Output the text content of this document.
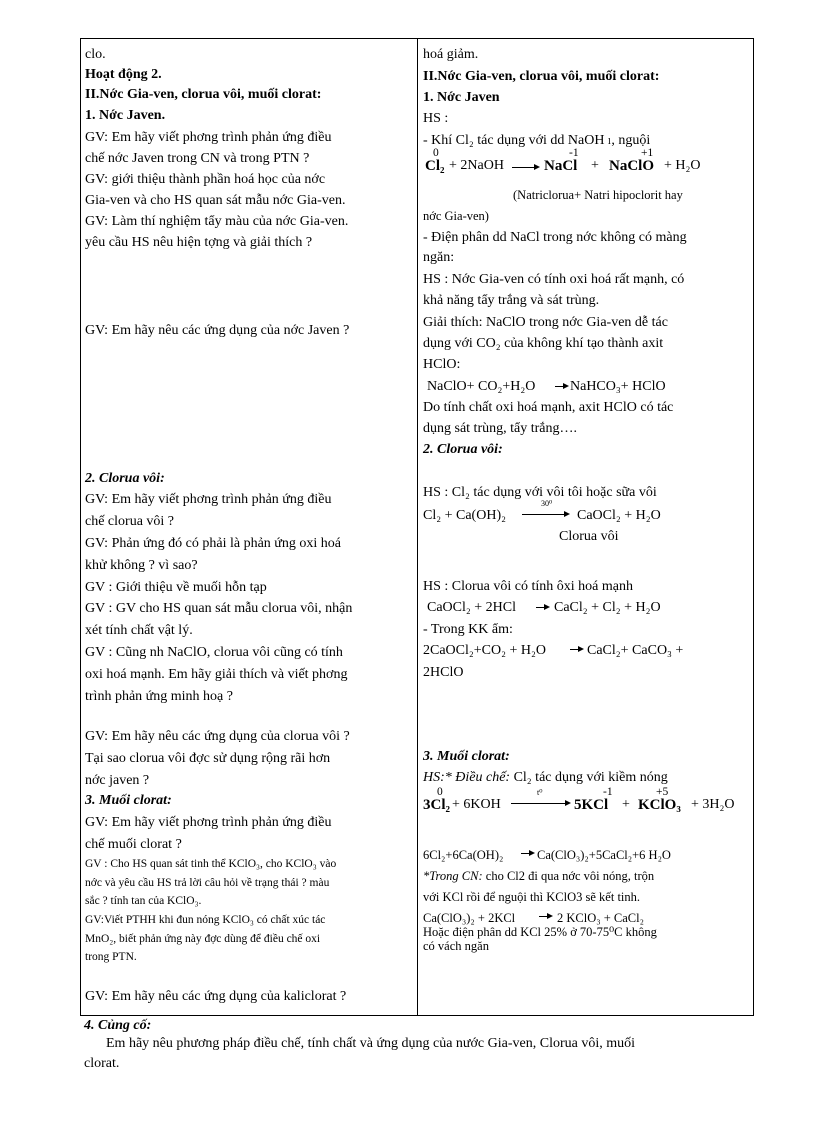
clo.
Hoạt động 2.
II.Nớc Gia-ven, clorua vôi, muối clorat:
1. Nớc Javen.
GV: Em hãy viết phơng trình phản ứng điều
chế nớc Javen trong CN và trong PTN ?
GV: giới thiệu thành phần hoá học của nớc
Gia-ven và cho HS quan sát mẫu nớc Gia-ven.
GV: Làm thí nghiệm tẩy màu của nớc Gia-ven.
yêu cầu HS nêu hiện tợng và giải thích ?
GV: Em hãy nêu các ứng dụng của nớc Javen ?
2. Clorua vôi:
GV: Em hãy viết phơng trình phản ứng điều
chế clorua vôi ?
GV: Phản ứng đó có phải là phản ứng oxi hoá
khử không ? vì sao?
GV : Giới thiệu về muối hỗn tạp
GV : GV cho HS quan sát mẫu clorua vôi, nhận
xét tính chất vật lý.
GV : Cũng nh NaClO, clorua vôi cũng có tính
oxi hoá mạnh. Em hãy giải thích và viết phơng
trình phản ứng minh hoạ ?
GV: Em hãy nêu các ứng dụng của clorua vôi ?
Tại sao clorua vôi đợc sử dụng rộng rãi hơn
nớc javen ?
3. Muối clorat:
GV: Em hãy viết phơng trình phản ứng điều
chế muối clorat ?
GV : Cho HS quan sát tinh thể KClO₃, cho KClO₃ vào
nớc và yêu cầu HS trả lời câu hỏi về trạng thái ? màu
sắc ? tính tan của KClO₃.
GV:Viết PTHH khi đun nóng KClO₃ có chất xúc tác
MnO₂, biết phản ứng này đợc dùng để điều chế oxi
trong PTN.
GV: Em hãy nêu các ứng dụng của kaliclorat ?
hoá giảm.
II.Nớc Gia-ven, clorua vôi, muối clorat:
1. Nớc Javen
HS :
- Khí Cl₂ tác dụng với dd NaOH ₗ, nguội
0
Cl₂ + 2NaOH
-1
NaCl +
+1
NaClO + H₂O
(Natriclorua+ Natri hipoclorit hay
nớc Gia-ven)
- Điện phân dd NaCl trong nớc không có màng
ngăn:
HS : Nớc Gia-ven có tính oxi hoá rất mạnh, có
khả năng tẩy trắng và sát trùng.
Giải thích: NaClO trong nớc Gia-ven dễ tác
dụng với CO₂ của không khí tạo thành axit
HClO:
NaClO+ CO₂+H₂O NaHCO₃+ HClO
Do tính chất oxi hoá mạnh, axit HClO có tác
dụng sát trùng, tẩy trắng….
2. Clorua vôi:
HS : Cl₂ tác dụng với vôi tôi hoặc sữa vôi
Cl₂ + Ca(OH)₂
30⁰
CaOCl₂ + H₂O
Clorua vôi
HS : Clorua vôi có tính ôxi hoá mạnh
CaOCl₂ + 2HCl	CaCl₂ + Cl₂ + H₂O
- Trong KK ẩm:
2CaOCl₂+CO₂ + H₂O	CaCl₂+ CaCO₃ +
2HClO
3. Muối clorat:
HS:* Điều chế: Cl₂ tác dụng với kiềm nóng
0
3Cl₂ + 6KOH
t⁰	-1
5KCl +
+5
KClO₃ + 3H₂O
6Cl₂+6Ca(OH)₂	Ca(ClO₃)₂+5CaCl₂+6 H₂O
*Trong CN: cho Cl2 đi qua nớc vôi nóng, trộn
với KCl rồi để nguội thì KClO3 sẽ kết tinh.
Ca(ClO₃)₂ + 2KCl	2 KClO₃ + CaCl₂
Hoặc điện phân dd KCl 25% ở 70-75⁰C không
có vách ngăn
4. Củng cố:
Em hãy nêu phương pháp điều chế, tính chất và ứng dụng của nước Gia-ven, Clorua vôi, muối
clorat.
